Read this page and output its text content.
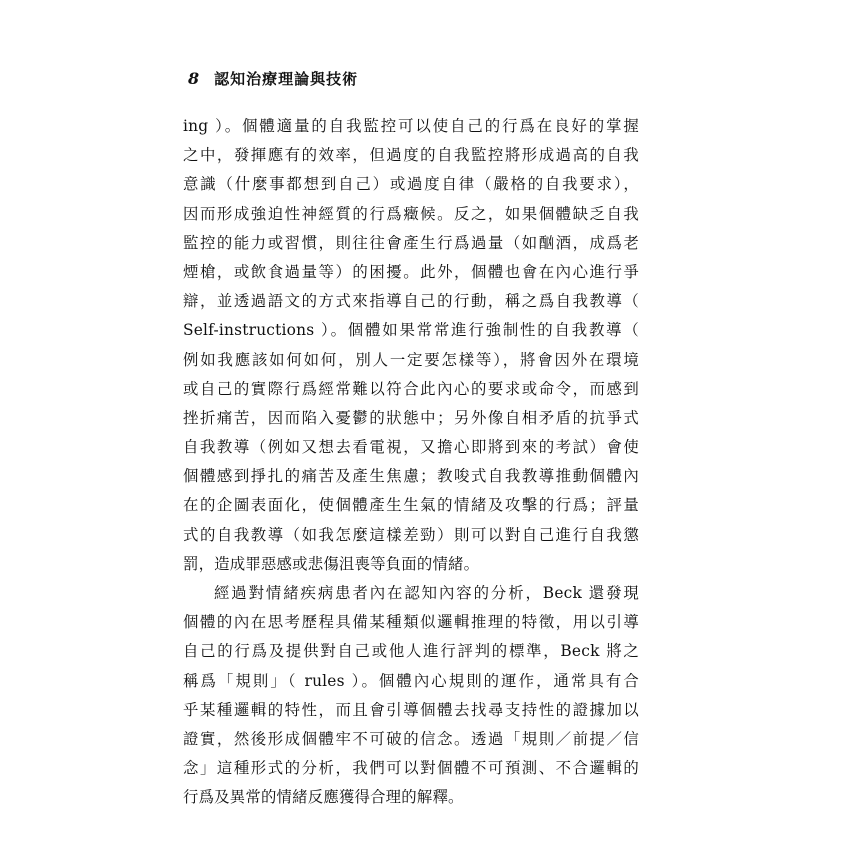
8 認知治療理論與技術
ing ）。個體適量的自我監控可以使自己的行爲在良好的掌握
之中，發揮應有的效率，但過度的自我監控將形成過高的自我
意識（什麼事都想到自己）或過度自律（嚴格的自我要求），
因而形成強迫性神經質的行爲癥候。反之，如果個體缺乏自我
監控的能力或習慣，則往往會產生行爲過量（如酗酒，成爲老
煙槍，或飲食過量等）的困擾。此外，個體也會在內心進行爭
辯，並透過語文的方式來指導自己的行動，稱之爲自我教導（
Self-instructions ）。個體如果常常進行強制性的自我教導（
例如我應該如何如何，別人一定要怎樣等），將會因外在環境
或自己的實際行爲經常難以符合此內心的要求或命令，而感到
挫折痛苦，因而陷入憂鬱的狀態中；另外像自相矛盾的抗爭式
自我教導（例如又想去看電視，又擔心即將到來的考試）會使
個體感到掙扎的痛苦及產生焦慮；教唆式自我教導推動個體內
在的企圖表面化，使個體產生生氣的情緒及攻擊的行爲；評量
式的自我教導（如我怎麼這樣差勁）則可以對自己進行自我懲
罰，造成罪惡感或悲傷沮喪等負面的情緒。
經過對情緒疾病患者內在認知內容的分析，Beck 還發現
個體的內在思考歷程具備某種類似邏輯推理的特徵，用以引導
自己的行爲及提供對自己或他人進行評判的標準，Beck 將之
稱爲「規則」（ rules ）。個體內心規則的運作，通常具有合
乎某種邏輯的特性，而且會引導個體去找尋支持性的證據加以
證實，然後形成個體牢不可破的信念。透過「規則／前提／信
念」這種形式的分析，我們可以對個體不可預測、不合邏輯的
行爲及異常的情緒反應獲得合理的解釋。
